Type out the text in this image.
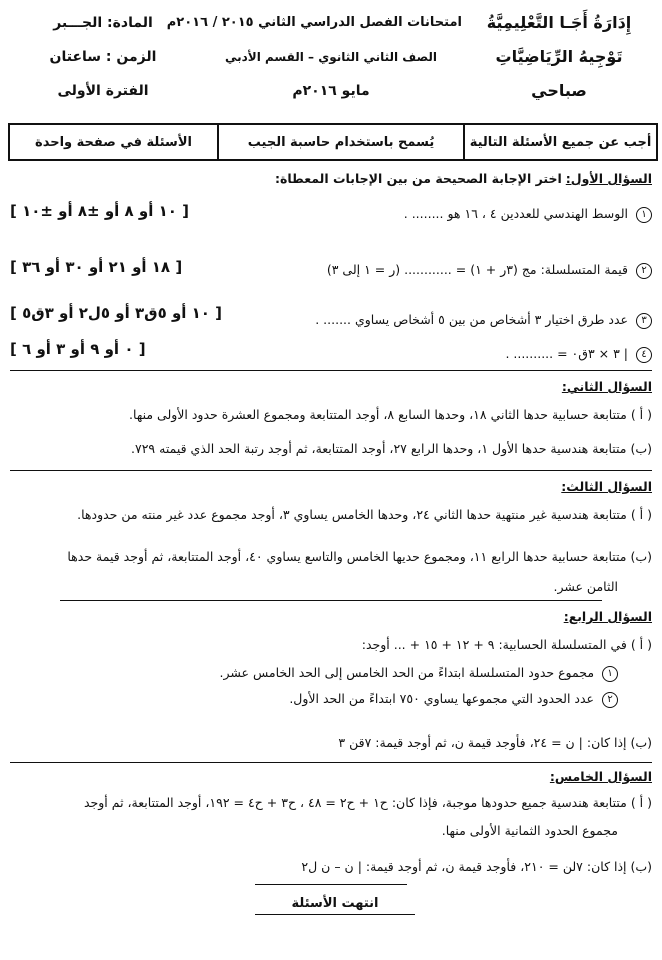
إِدَارَةُ أَجَـا التَّعْلِيمِيَّةُ
تَوْجِيهُ الرِّيَاضِيَّاتِ
صباحي
امتحانات الفصل الدراسي الثاني ٢٠١٥ / ٢٠١٦م
الصف الثاني الثانوي – القسم الأدبي
مايو ٢٠١٦م
المادة: الجـــبر
الزمن : ساعتان
الفترة الأولى
أجب عن جميع الأسئلة التالية
يُسمح باستخدام حاسبة الجيب
الأسئلة في صفحة واحدة
السؤال الأول: اختر الإجابة الصحيحة من بين الإجابات المعطاة:
١ الوسط الهندسي للعددين ٤ ، ١٦ هو ........ .
[ ١٠ أو ٨ أو ±٨ أو ±١٠ ]
٢ قيمة المتسلسلة: مج (٣ر + ١) = ............ (ر = ١ إلى ٣)
[ ١٨ أو ٢١ أو ٣٠ أو ٣٦ ]
٣ عدد طرق اختيار ٣ أشخاص من بين ٥ أشخاص يساوي ....... .
[ ١٠ أو ٥ق٣ أو ٥ل٢ أو ٣ق٥ ]
٤ | ٣ × ٣ق٠ = .......... .
[ ٠ أو ٩ أو ٣ أو ٦ ]
السؤال الثاني:
( أ ) متتابعة حسابية حدها الثاني ١٨، وحدها السابع ٨، أوجد المتتابعة ومجموع العشرة حدود الأولى منها.
(ب) متتابعة هندسية حدها الأول ١، وحدها الرابع ٢٧، أوجد المتتابعة، ثم أوجد رتبة الحد الذي قيمته ٧٢٩.
السؤال الثالث:
( أ ) متتابعة هندسية غير منتهية حدها الثاني ٢٤، وحدها الخامس يساوي ٣، أوجد مجموع عدد غير منته من حدودها.
(ب) متتابعة حسابية حدها الرابع ١١، ومجموع حديها الخامس والتاسع يساوي ٤٠، أوجد المتتابعة، ثم أوجد قيمة حدها
الثامن عشر.
السؤال الرابع:
( أ ) في المتسلسلة الحسابية: ٩ + ١٢ + ١٥ + ... أوجد:
١ مجموع حدود المتسلسلة ابتداءً من الحد الخامس إلى الحد الخامس عشر.
٢ عدد الحدود التي مجموعها يساوي ٧٥٠ ابتداءً من الحد الأول.
(ب) إذا كان: | ن = ٢٤، فأوجد قيمة ن، ثم أوجد قيمة: ٧قن ٣
السؤال الخامس:
( أ ) متتابعة هندسية جميع حدودها موجبة، فإذا كان: ح١ + ح٢ = ٤٨ ، ح٣ + ح٤ = ١٩٢، أوجد المتتابعة، ثم أوجد
مجموع الحدود الثمانية الأولى منها.
(ب) إذا كان: ٧لن = ٢١٠، فأوجد قيمة ن، ثم أوجد قيمة: | ن – ن ل٢
انتهت الأسئلة
